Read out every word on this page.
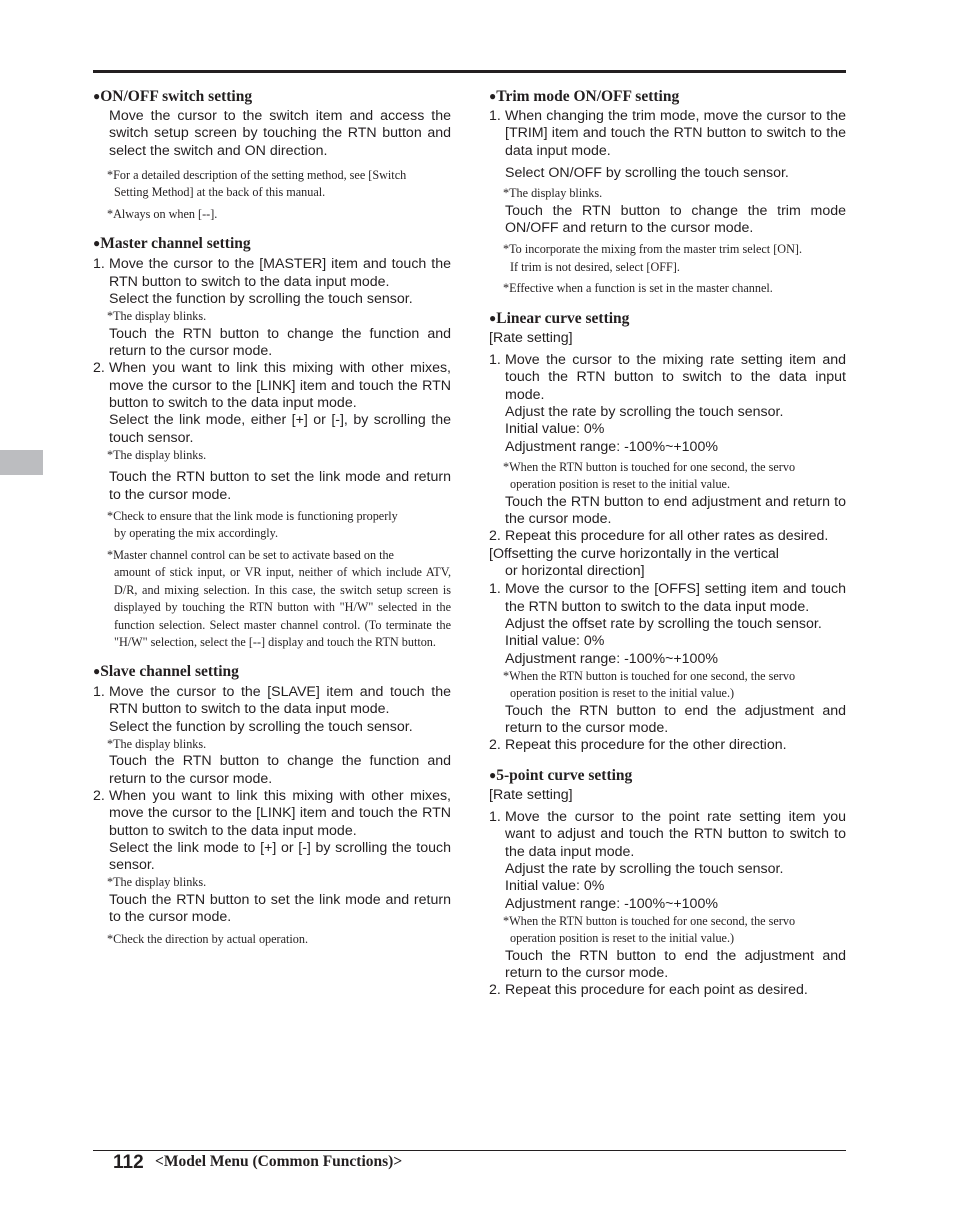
●ON/OFF switch setting

Move the cursor to the switch item and access the switch setup screen by touching the RTN button and select the switch and ON direction.

*For a detailed description of the setting method, see [Switch
Setting Method] at the back of this manual.

*Always on when [--].

●Master channel setting
1. Move the cursor to the [MASTER] item and touch the RTN button to switch to the data input mode.

Select the function by scrolling the touch sensor.

*The display blinks.

Touch the RTN button to change the function and return to the cursor mode.

2. When you want to link this mixing with other mixes, move the cursor to the [LINK] item and touch the RTN button to switch to the data input mode.

Select the link mode, either [+] or [-], by scrolling the touch sensor.

*The display blinks.

Touch the RTN button to set the link mode and return to the cursor mode.

*Check to ensure that the link mode is functioning properly
by operating the mix accordingly.

*Master channel control can be set to activate based on the
amount of stick input, or VR input, neither of which include ATV, D/R, and mixing selection. In this case, the switch setup screen is displayed by touching the RTN button with "H/W" selected in the function selection. Select master channel control. (To terminate the "H/W" selection, select the [--] display and touch the RTN button.

●Slave channel setting
1. Move the cursor to the [SLAVE] item and touch the RTN button to switch to the data input mode.

Select the function by scrolling the touch sensor.

*The display blinks.

Touch the RTN button to change the function and return to the cursor mode.

2. When you want to link this mixing with other mixes, move the cursor to the [LINK] item and touch the RTN button to switch to the data input mode.

Select the link mode to [+] or [-] by scrolling the touch sensor.

*The display blinks.

Touch the RTN button to set the link mode and return to the cursor mode.

*Check the direction by actual operation.

●Trim mode ON/OFF setting
1. When changing the trim mode, move the cursor to the [TRIM] item and touch the RTN button to switch to the data input mode.

Select ON/OFF by scrolling the touch sensor.

*The display blinks.

Touch the RTN button to change the trim mode ON/OFF and return to the cursor mode.

*To incorporate the mixing from the master trim select [ON].
If trim is not desired, select [OFF].

*Effective when a function is set in the master channel.

●Linear curve setting

[Rate setting]

1. Move the cursor to the mixing rate setting item and touch the RTN button to switch to the data input mode.

Adjust the rate by scrolling the touch sensor.

Initial value: 0%

Adjustment range: -100%~+100%

*When the RTN button is touched for one second, the servo
operation position is reset to the initial value.

Touch the RTN button to end adjustment and return to the cursor mode.

2. Repeat this procedure for all other rates as desired.

[Offsetting the curve horizontally in the vertical
or horizontal direction]

1. Move the cursor to the [OFFS] setting item and touch the RTN button to switch to the data input mode.

Adjust the offset rate by scrolling the touch sensor.

Initial value: 0%

Adjustment range: -100%~+100%

*When the RTN button is touched for one second, the servo
operation position is reset to the initial value.)

Touch the RTN button to end the adjustment and return to the cursor mode.

2. Repeat this procedure for the other direction.

●5-point curve setting

[Rate setting]

1. Move the cursor to the point rate setting item you want to adjust and touch the RTN button to switch to the data input mode.

Adjust the rate by scrolling the touch sensor.

Initial value: 0%

Adjustment range: -100%~+100%

*When the RTN button is touched for one second, the servo
operation position is reset to the initial value.)

Touch the RTN button to end the adjustment and return to the cursor mode.

2. Repeat this procedure for each point as desired.

112 <Model Menu (Common Functions)>
